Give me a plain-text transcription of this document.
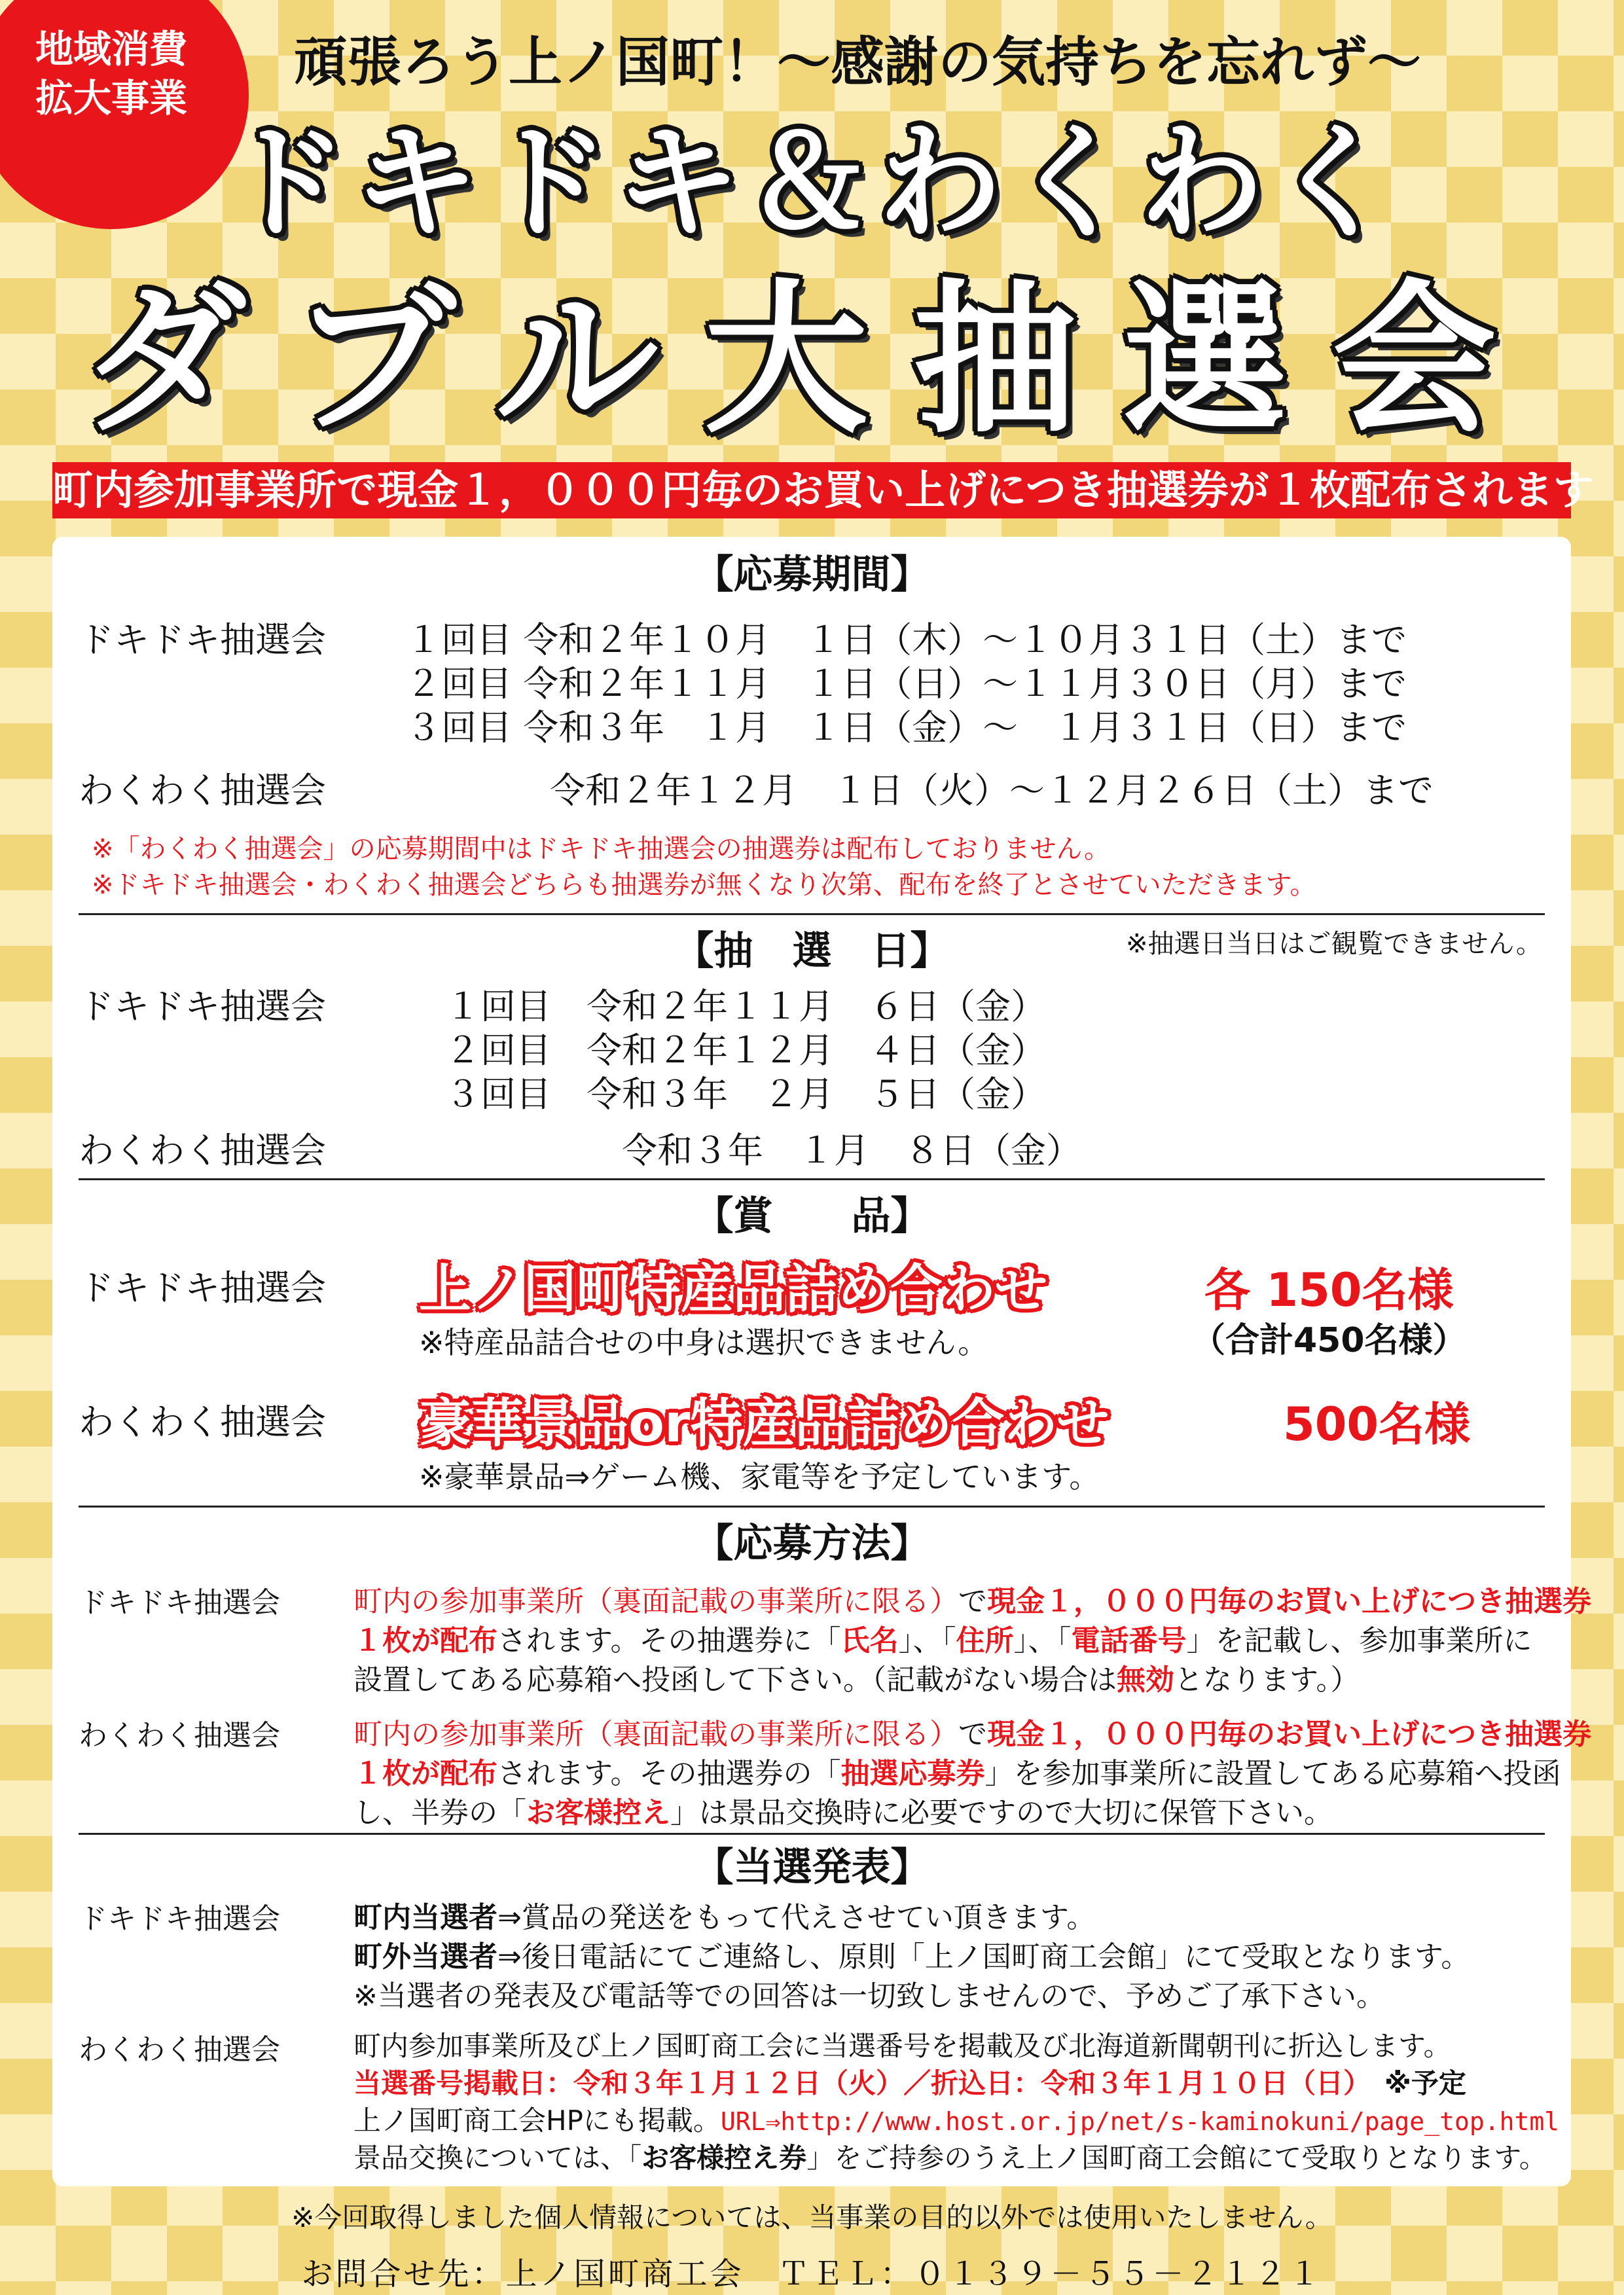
地域消費
拡大事業
頑張ろう上ノ国町！～感謝の気持ちを忘れず～
ドキドキ＆わくわく
ダブル大抽選会
町内参加事業所で現金１，０００円毎のお買い上げにつき抽選券が１枚配布されます
【応募期間】
ドキドキ抽選会 １回目 令和２年１０月　１日（木）～１０月３１日（土）まで
２回目 令和２年１１月　１日（日）～１１月３０日（月）まで
３回目 令和３年　１月　１日（金）～　１月３１日（日）まで
わくわく抽選会	令和２年１２月　１日（火）～１２月２６日（土）まで
※「わくわく抽選会」の応募期間中はドキドキ抽選会の抽選券は配布しておりません。
※ドキドキ抽選会・わくわく抽選会どちらも抽選券が無くなり次第、配布を終了とさせていただきます。
【抽　選　日】	※抽選日当日はご観覧できません。
ドキドキ抽選会	１回目　令和２年１１月　６日（金）
２回目　令和２年１２月　４日（金）
３回目　令和３年　２月　５日（金）
わくわく抽選会	令和３年　１月　８日（金）
【賞　　品】
ドキドキ抽選会 上ノ国町特産品詰め合わせ	各 150名様
（合計450名様）
※特産品詰合せの中身は選択できません。
わくわく抽選会 豪華景品or特産品詰め合わせ	500名様
※豪華景品⇒ゲーム機、家電等を予定しています。
【応募方法】
ドキドキ抽選会	町内の参加事業所（裏面記載の事業所に限る）で現金１，０００円毎のお買い上げにつき抽選券
１枚が配布されます。その抽選券に「氏名」、「住所」、「電話番号」を記載し、参加事業所に
設置してある応募箱へ投函して下さい。（記載がない場合は無効となります。）
わくわく抽選会	町内の参加事業所（裏面記載の事業所に限る）で現金１，０００円毎のお買い上げにつき抽選券
１枚が配布されます。その抽選券の「抽選応募券」を参加事業所に設置してある応募箱へ投函
し、半券の「お客様控え」は景品交換時に必要ですので大切に保管下さい。
【当選発表】
ドキドキ抽選会	町内当選者⇒賞品の発送をもって代えさせてい頂きます。
町外当選者⇒後日電話にてご連絡し、原則「上ノ国町商工会館」にて受取となります。
※当選者の発表及び電話等での回答は一切致しませんので、予めご了承下さい。
わくわく抽選会	町内参加事業所及び上ノ国町商工会に当選番号を掲載及び北海道新聞朝刊に折込します。
当選番号掲載日：令和３年１月１２日（火）／折込日：令和３年１月１０日（日）　 ※予定
上ノ国町商工会HPにも掲載。URL⇒http://www.host.or.jp/net/s-kaminokuni/page_top.html
景品交換については、「お客様控え券」をご持参のうえ上ノ国町商工会館にて受取りとなります。
※今回取得しました個人情報については、当事業の目的以外では使用いたしません。
お問合せ先：上ノ国町商工会　ＴＥＬ：０１３９－５５－２１２１
